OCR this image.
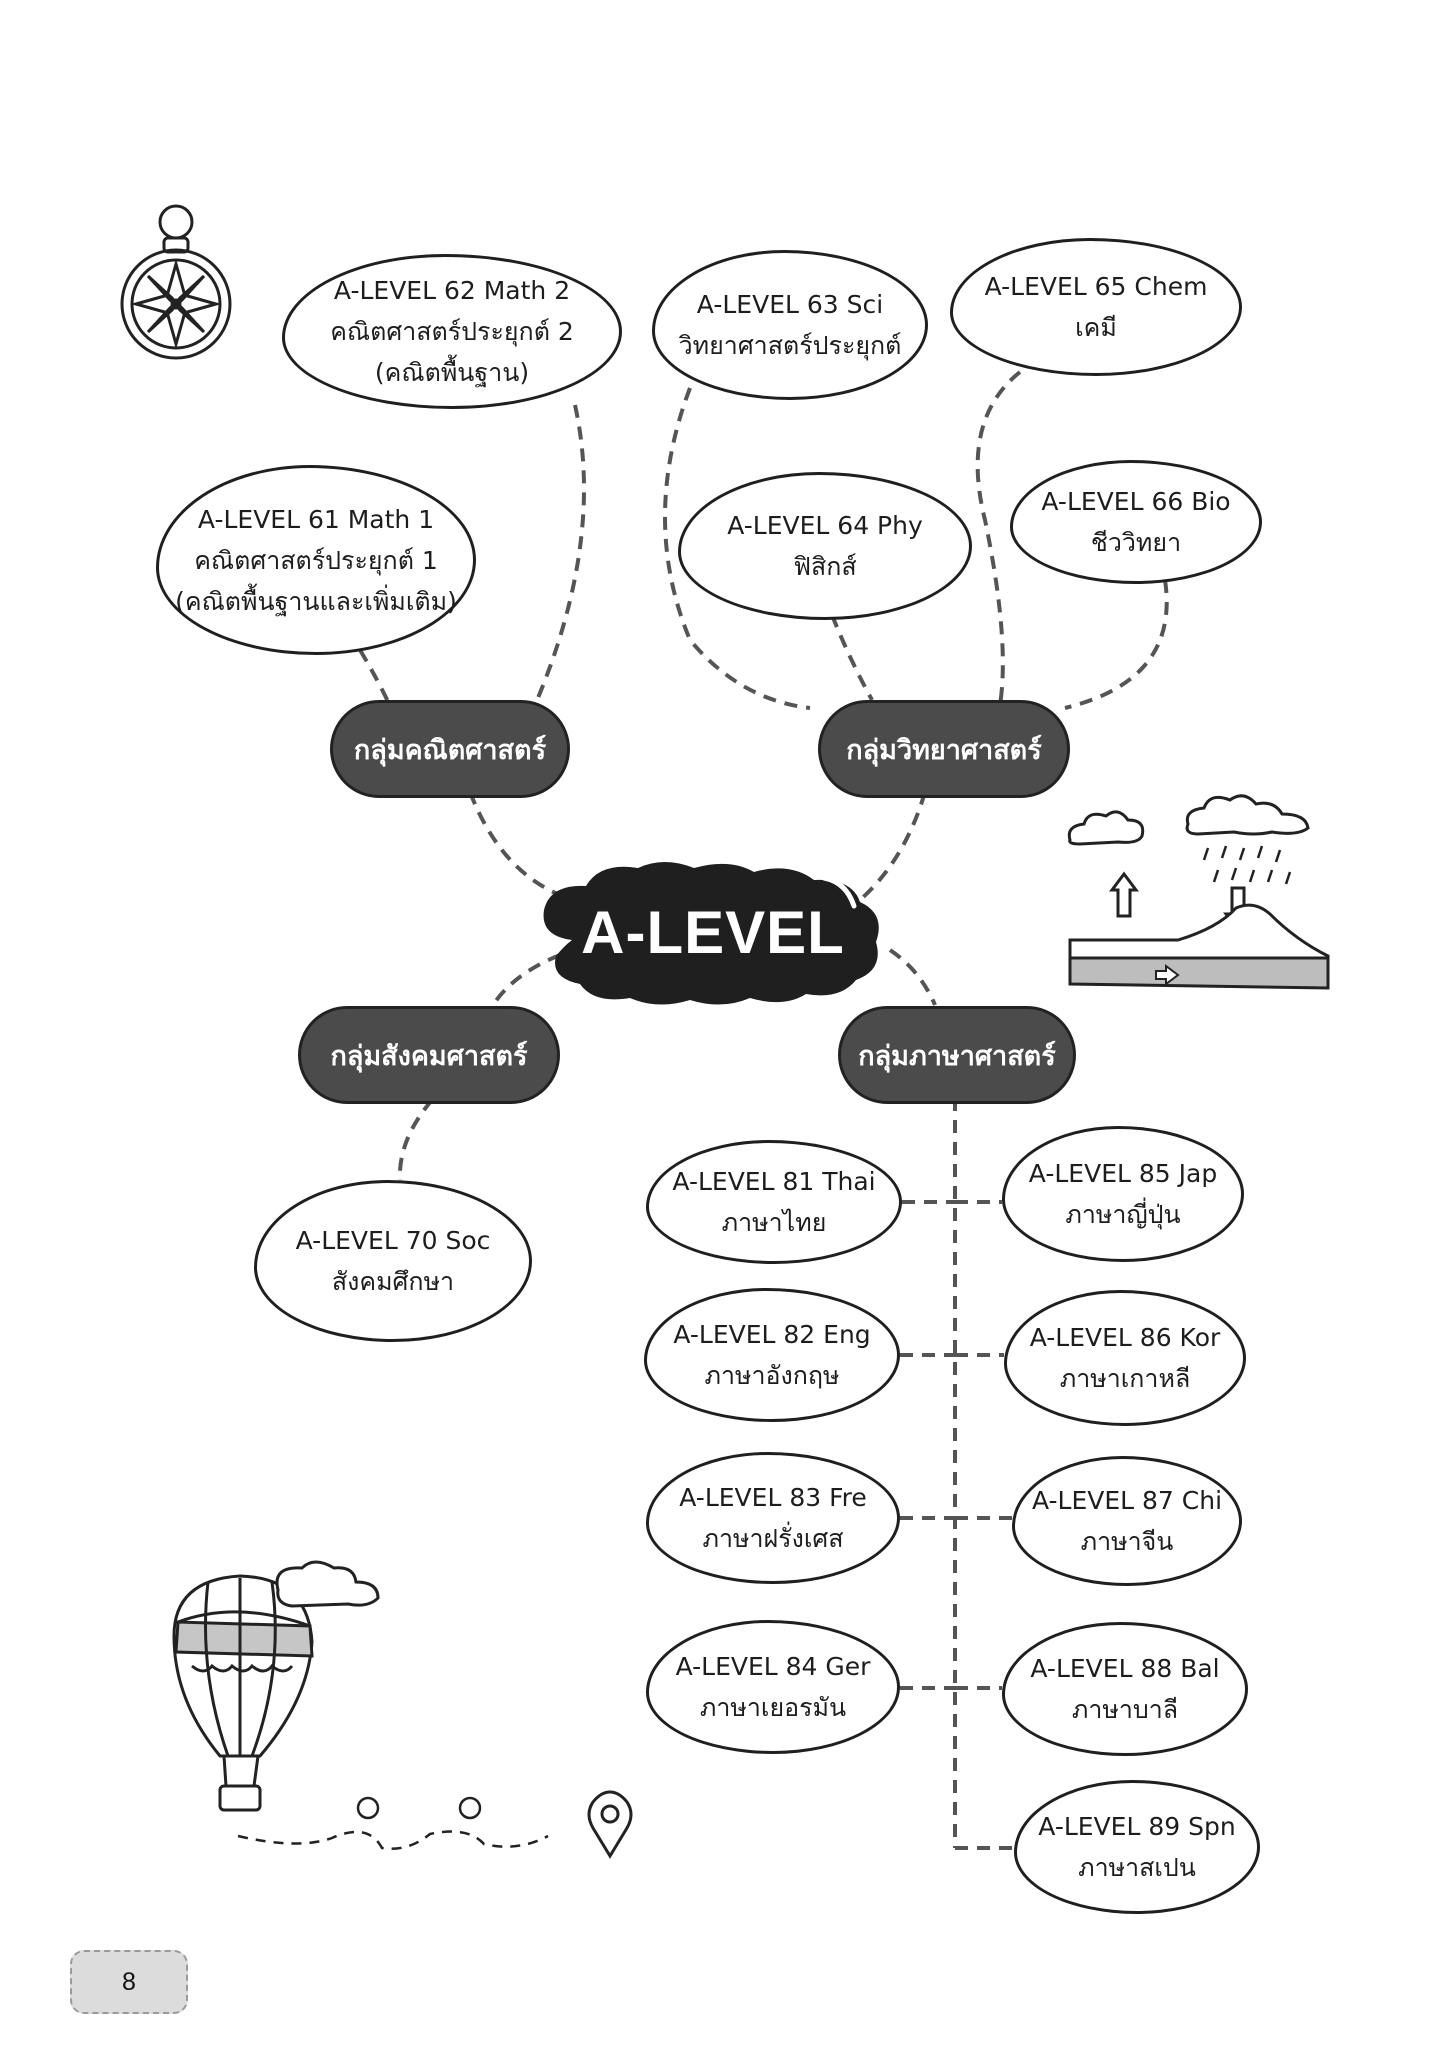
A-LEVEL
กลุ่มคณิตศาสตร์	กลุ่มวิทยาศาสตร์
กลุ่มสังคมศาสตร์	กลุ่มภาษาศาสตร์
A-LEVEL 62 Math 2
คณิตศาสตร์ประยุกต์ 2
(คณิตพื้นฐาน)
A-LEVEL 61 Math 1
คณิตศาสตร์ประยุกต์ 1
(คณิตพื้นฐานและเพิ่มเติม)
A-LEVEL 63 Sci
วิทยาศาสตร์ประยุกต์
A-LEVEL 65 Chem
เคมี
A-LEVEL 64 Phy
ฟิสิกส์
A-LEVEL 66 Bio
ชีววิทยา
A-LEVEL 70 Soc
สังคมศึกษา
A-LEVEL 81 Thai
ภาษาไทย
A-LEVEL 82 Eng
ภาษาอังกฤษ
A-LEVEL 83 Fre
ภาษาฝรั่งเศส
A-LEVEL 84 Ger
ภาษาเยอรมัน
A-LEVEL 85 Jap
ภาษาญี่ปุ่น
A-LEVEL 86 Kor
ภาษาเกาหลี
A-LEVEL 87 Chi
ภาษาจีน
A-LEVEL 88 Bal
ภาษาบาลี
A-LEVEL 89 Spn
ภาษาสเปน
8
